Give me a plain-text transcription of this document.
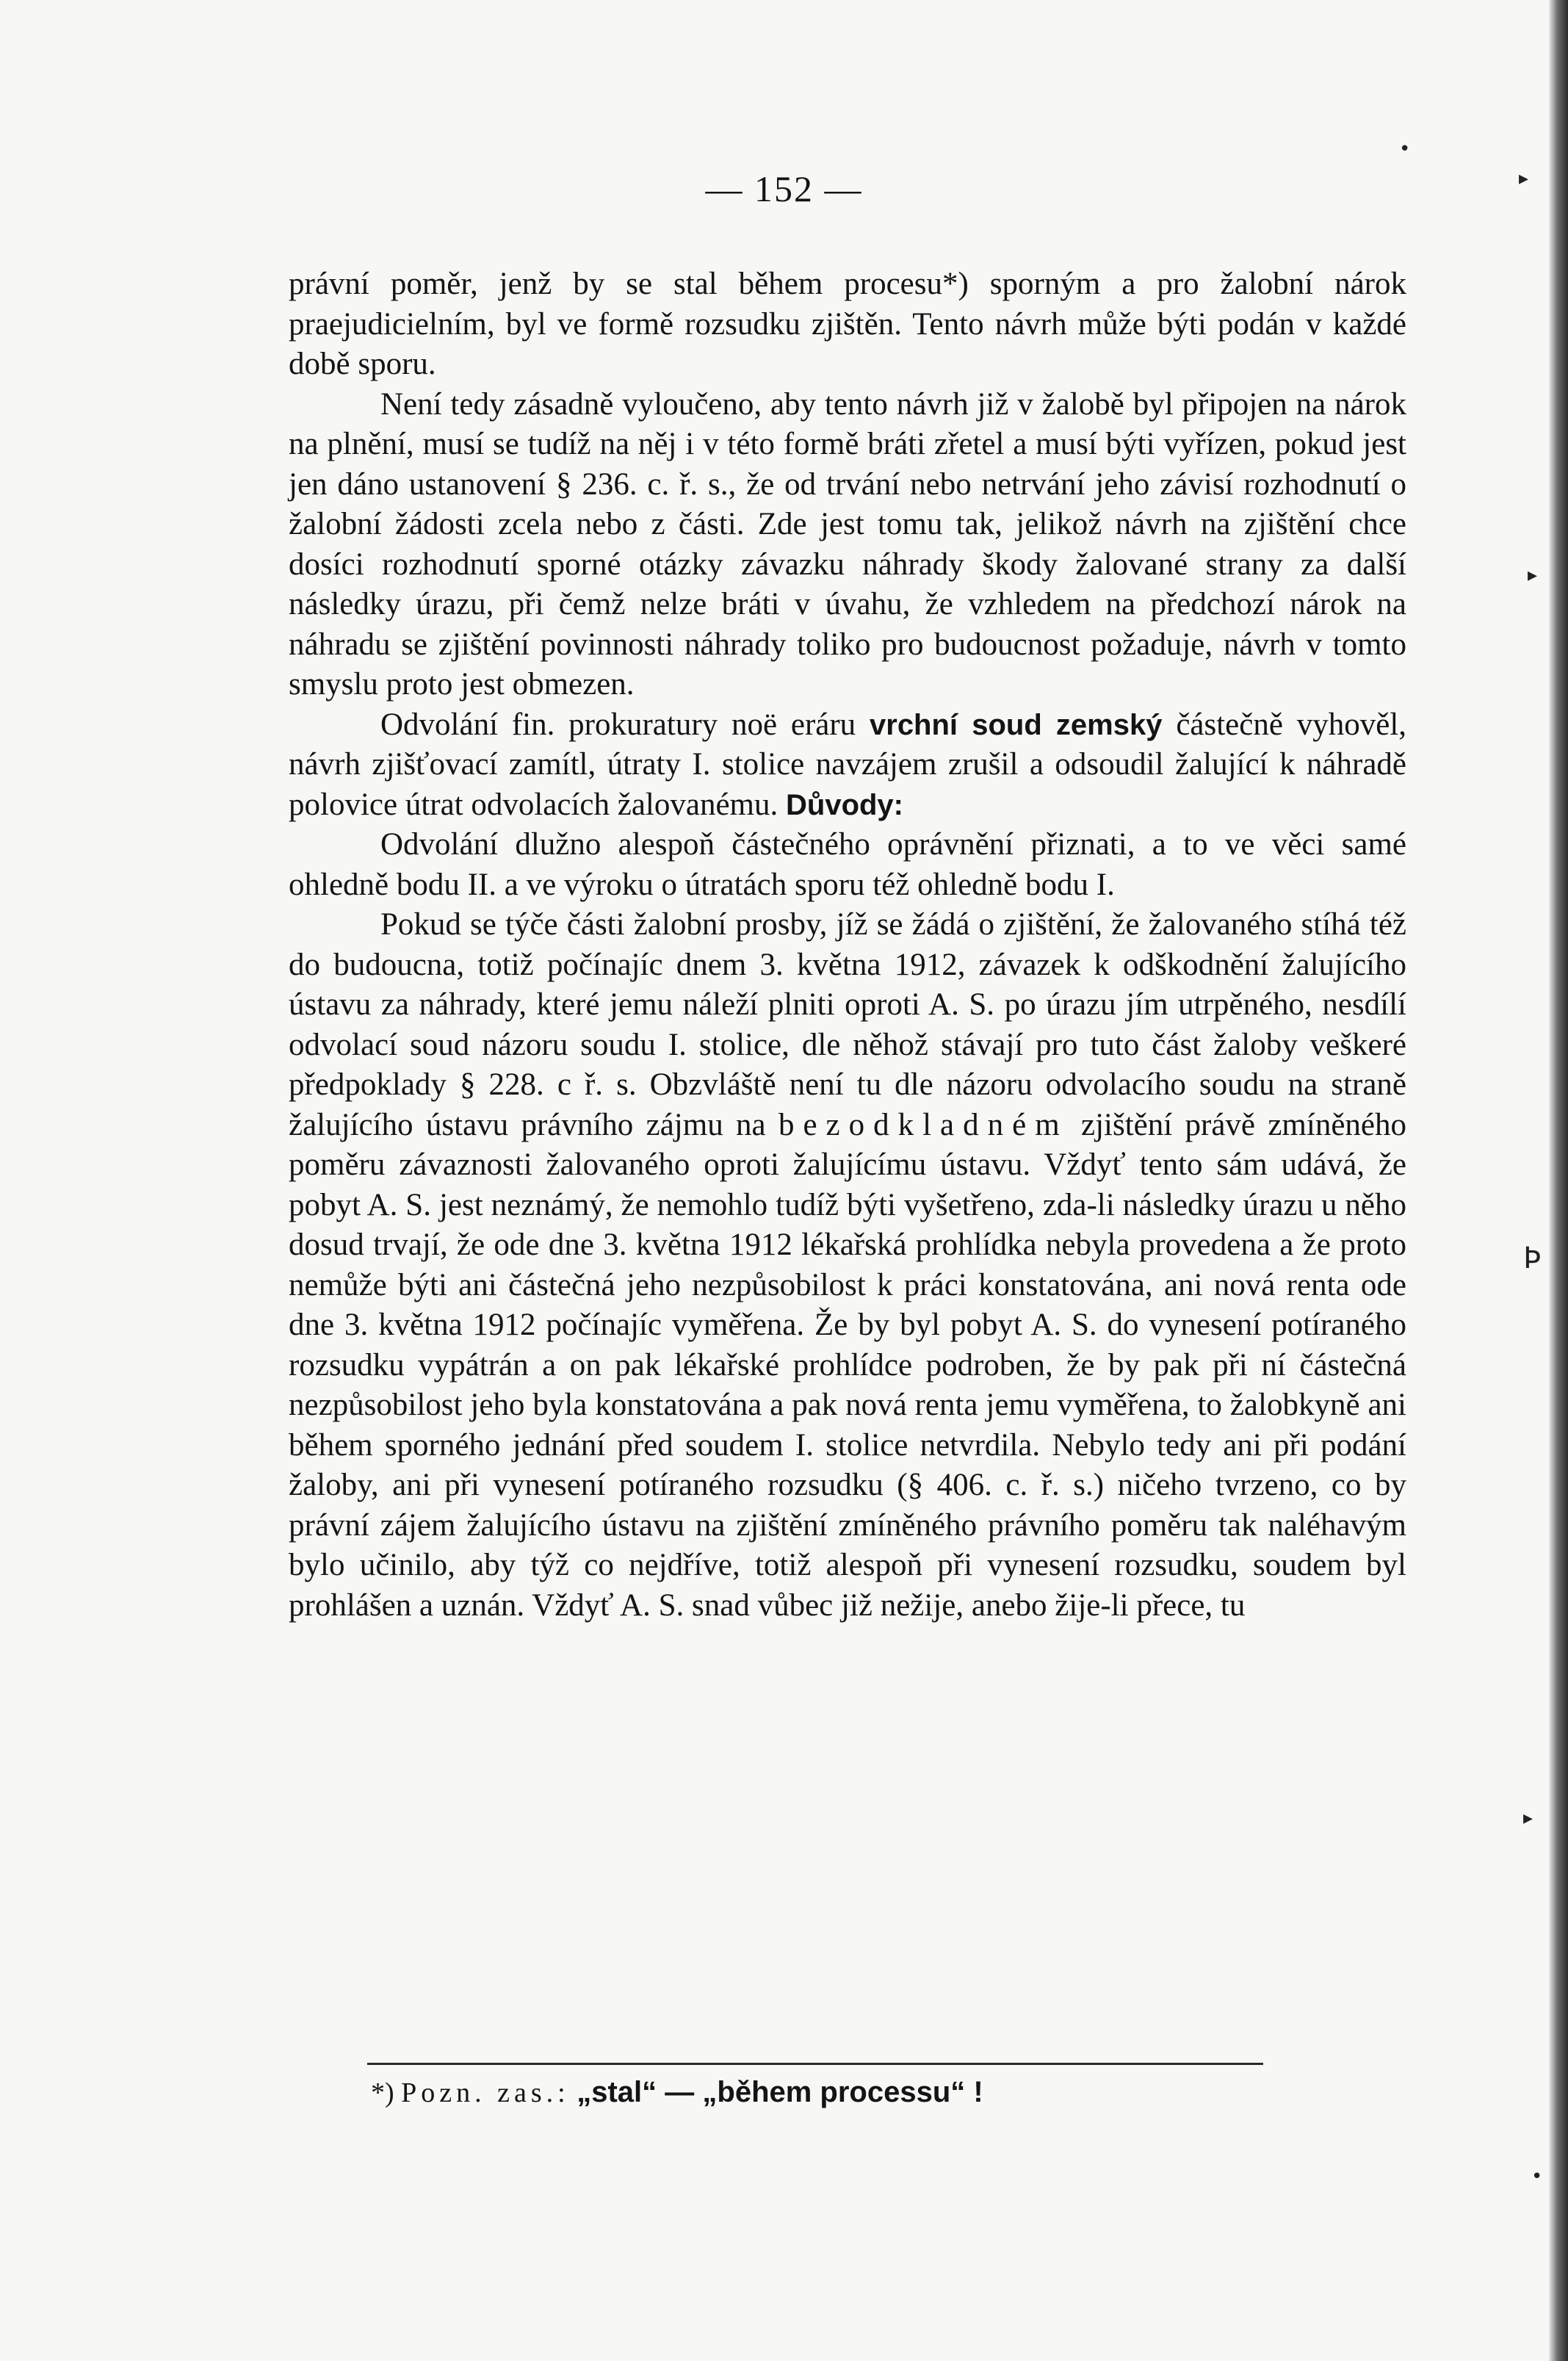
— 152 —

právní poměr, jenž by se stal během procesu*) sporným a pro žalobní nárok praejudicielním, byl ve formě rozsudku zjištěn. Tento návrh může býti podán v každé době sporu.

Není tedy zásadně vyloučeno, aby tento návrh již v žalobě byl připojen na nárok na plnění, musí se tudíž na něj i v této formě bráti zřetel a musí býti vyřízen, pokud jest jen dáno ustanovení § 236. c. ř. s., že od trvání nebo netrvání jeho závisí rozhodnutí o žalobní žádosti zcela nebo z části. Zde jest tomu tak, jelikož návrh na zjištění chce dosíci rozhodnutí sporné otázky závazku náhrady škody žalované strany za další následky úrazu, při čemž nelze bráti v úvahu, že vzhledem na předchozí nárok na náhradu se zjištění povinnosti náhrady toliko pro budoucnost požaduje, návrh v tomto smyslu proto jest obmezen.

Odvolání fin. prokuratury noë eráru vrchní soud zemský částečně vyhověl, návrh zjišťovací zamítl, útraty I. stolice navzájem zrušil a odsoudil žalující k náhradě polovice útrat odvolacích žalovanému. Důvody:

Odvolání dlužno alespoň částečného oprávnění přiznati, a to ve věci samé ohledně bodu II. a ve výroku o útratách sporu též ohledně bodu I.

Pokud se týče části žalobní prosby, jíž se žádá o zjištění, že žalovaného stíhá též do budoucna, totiž počínajíc dnem 3. května 1912, závazek k odškodnění žalujícího ústavu za náhrady, které jemu náleží plniti oproti A. S. po úrazu jím utrpěného, nesdílí odvolací soud názoru soudu I. stolice, dle něhož stávají pro tuto část žaloby veškeré předpoklady § 228. c ř. s. Obzvláště není tu dle názoru odvolacího soudu na straně žalujícího ústavu právního zájmu na bezodkladném zjištění právě zmíněného poměru závaznosti žalovaného oproti žalujícímu ústavu. Vždyť tento sám udává, že pobyt A. S. jest neznámý, že nemohlo tudíž býti vyšetřeno, zda-li následky úrazu u něho dosud trvají, že ode dne 3. května 1912 lékařská prohlídka nebyla provedena a že proto nemůže býti ani částečná jeho nezpůsobilost k práci konstatována, ani nová renta ode dne 3. května 1912 počínajíc vyměřena. Že by byl pobyt A. S. do vynesení potíraného rozsudku vypátrán a on pak lékařské prohlídce podroben, že by pak při ní částečná nezpůsobilost jeho byla konstatována a pak nová renta jemu vyměřena, to žalobkyně ani během sporného jednání před soudem I. stolice netvrdila. Nebylo tedy ani při podání žaloby, ani při vynesení potíraného rozsudku (§ 406. c. ř. s.) ničeho tvrzeno, co by právní zájem žalujícího ústavu na zjištění zmíněného právního poměru tak naléhavým bylo učinilo, aby týž co nejdříve, totiž alespoň při vynesení rozsudku, soudem byl prohlášen a uznán. Vždyť A. S. snad vůbec již nežije, anebo žije-li přece, tu

*) Pozn. zas.: „stal“ — „během processu“ !
▸
▸
Þ
▸
•
•
